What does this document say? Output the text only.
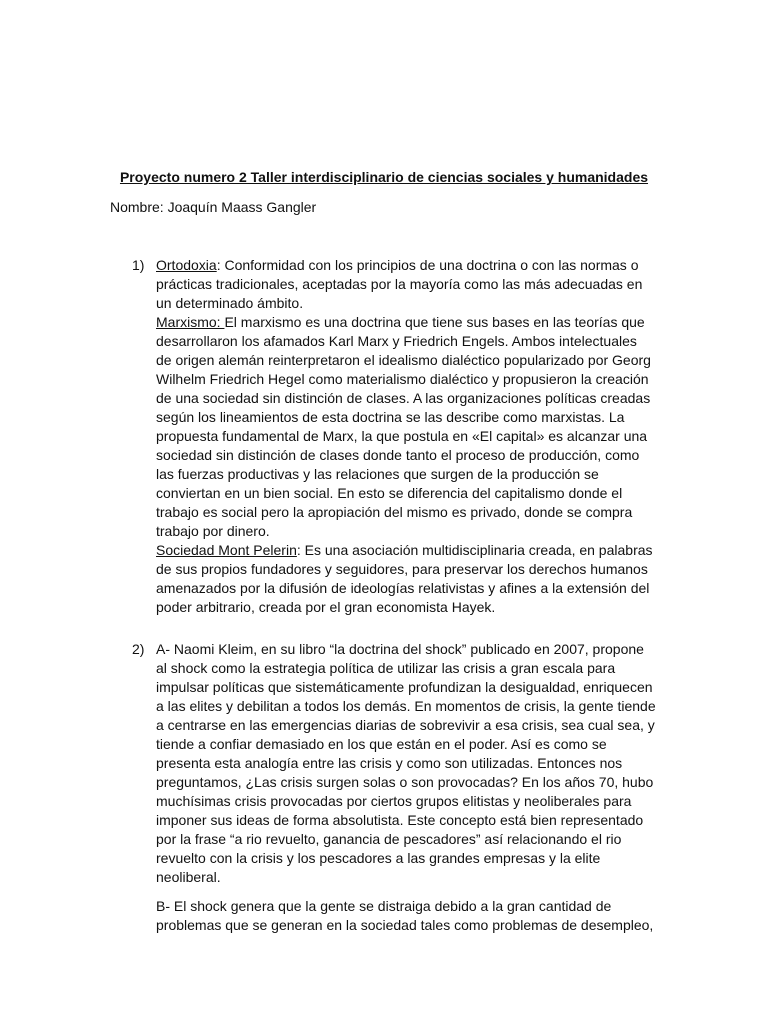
Proyecto numero 2 Taller interdisciplinario de ciencias sociales y humanidades
Nombre: Joaquín Maass Gangler
1) Ortodoxia: Conformidad con los principios de una doctrina o con las normas o prácticas tradicionales, aceptadas por la mayoría como las más adecuadas en un determinado ámbito.

Marxismo: El marxismo es una doctrina que tiene sus bases en las teorías que desarrollaron los afamados Karl Marx y Friedrich Engels. Ambos intelectuales de origen alemán reinterpretaron el idealismo dialéctico popularizado por Georg Wilhelm Friedrich Hegel como materialismo dialéctico y propusieron la creación de una sociedad sin distinción de clases. A las organizaciones políticas creadas según los lineamientos de esta doctrina se las describe como marxistas. La propuesta fundamental de Marx, la que postula en «El capital» es alcanzar una sociedad sin distinción de clases donde tanto el proceso de producción, como las fuerzas productivas y las relaciones que surgen de la producción se conviertan en un bien social. En esto se diferencia del capitalismo donde el trabajo es social pero la apropiación del mismo es privado, donde se compra trabajo por dinero.

Sociedad Mont Pelerin: Es una asociación multidisciplinaria creada, en palabras de sus propios fundadores y seguidores, para preservar los derechos humanos amenazados por la difusión de ideologías relativistas y afines a la extensión del poder arbitrario, creada por el gran economista Hayek.

2) A- Naomi Kleim, en su libro “la doctrina del shock” publicado en 2007, propone al shock como la estrategia política de utilizar las crisis a gran escala para impulsar políticas que sistemáticamente profundizan la desigualdad, enriquecen a las elites y debilitan a todos los demás. En momentos de crisis, la gente tiende a centrarse en las emergencias diarias de sobrevivir a esa crisis, sea cual sea, y tiende a confiar demasiado en los que están en el poder. Así es como se presenta esta analogía entre las crisis y como son utilizadas. Entonces nos preguntamos, ¿Las crisis surgen solas o son provocadas? En los años 70, hubo muchísimas crisis provocadas por ciertos grupos elitistas y neoliberales para imponer sus ideas de forma absolutista. Este concepto está bien representado por la frase “a rio revuelto, ganancia de pescadores” así relacionando el rio revuelto con la crisis y los pescadores a las grandes empresas y la elite neoliberal.

B- El shock genera que la gente se distraiga debido a la gran cantidad de problemas que se generan en la sociedad tales como problemas de desempleo,
